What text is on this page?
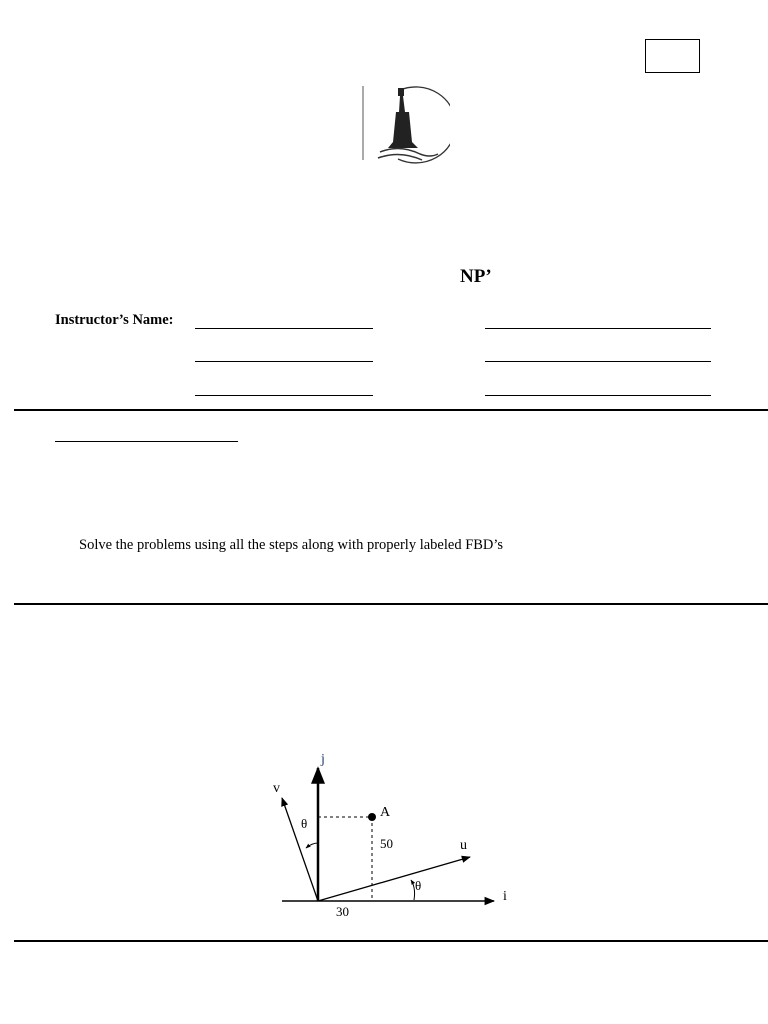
NP’
Instructor’s Name:
Solve the problems using all the steps along with properly labeled FBD’s
j
i
v
u
A
50
30
θ
θ
